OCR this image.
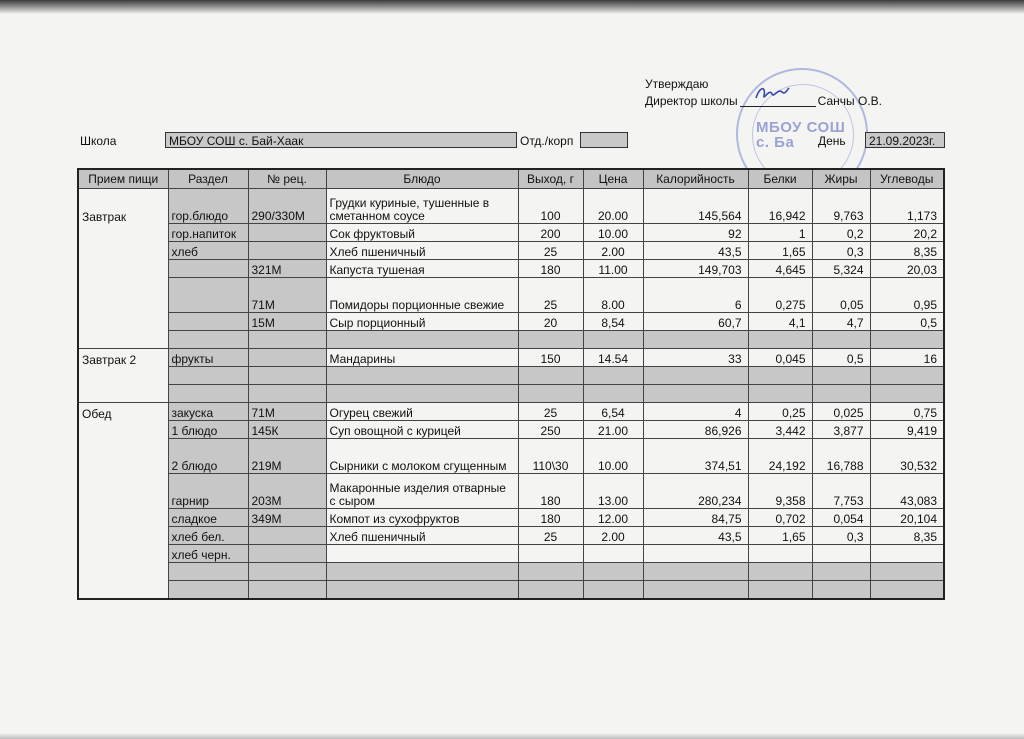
МБОУ СОШ
с. Ба
Утверждаю
Директор школы	Санчы О.В.
Школа	МБОУ СОШ с. Бай-Хаак	Отд./корп	День	21.09.2023г.
Прием пищи	Раздел	№ рец.	Блюдо	Выход, г	Цена	Калорийность	Белки	Жиры	Углеводы
Завтрак	гор.блюдо	290/330М	Грудки куриные, тушенные в сметанном соусе	100	20.00	145,564	16,942	9,763	1,173
	гор.напиток		Сок фруктовый	200	10.00	92	1	0,2	20,2
	хлеб		Хлеб пшеничный	25	2.00	43,5	1,65	0,3	8,35
		321М	Капуста тушеная	180	11.00	149,703	4,645	5,324	20,03
		71М	Помидоры порционные свежие	25	8.00	6	0,275	0,05	0,95
		15М	Сыр порционный	20	8,54	60,7	4,1	4,7	0,5

Завтрак 2	фрукты		Мандарины	150	14.54	33	0,045	0,5	16

Обед	закуска	71М	Огурец свежий	25	6,54	4	0,25	0,025	0,75
	1 блюдо	145К	Суп овощной с курицей	250	21.00	86,926	3,442	3,877	9,419
	2 блюдо	219М	Сырники с молоком сгущенным	110\30	10.00	374,51	24,192	16,788	30,532
	гарнир	203М	Макаронные изделия отварные с сыром	180	13.00	280,234	9,358	7,753	43,083
	сладкое	349М	Компот из сухофруктов	180	12.00	84,75	0,702	0,054	20,104
	хлеб бел.		Хлеб пшеничный	25	2.00	43,5	1,65	0,3	8,35
	хлеб черн.								
